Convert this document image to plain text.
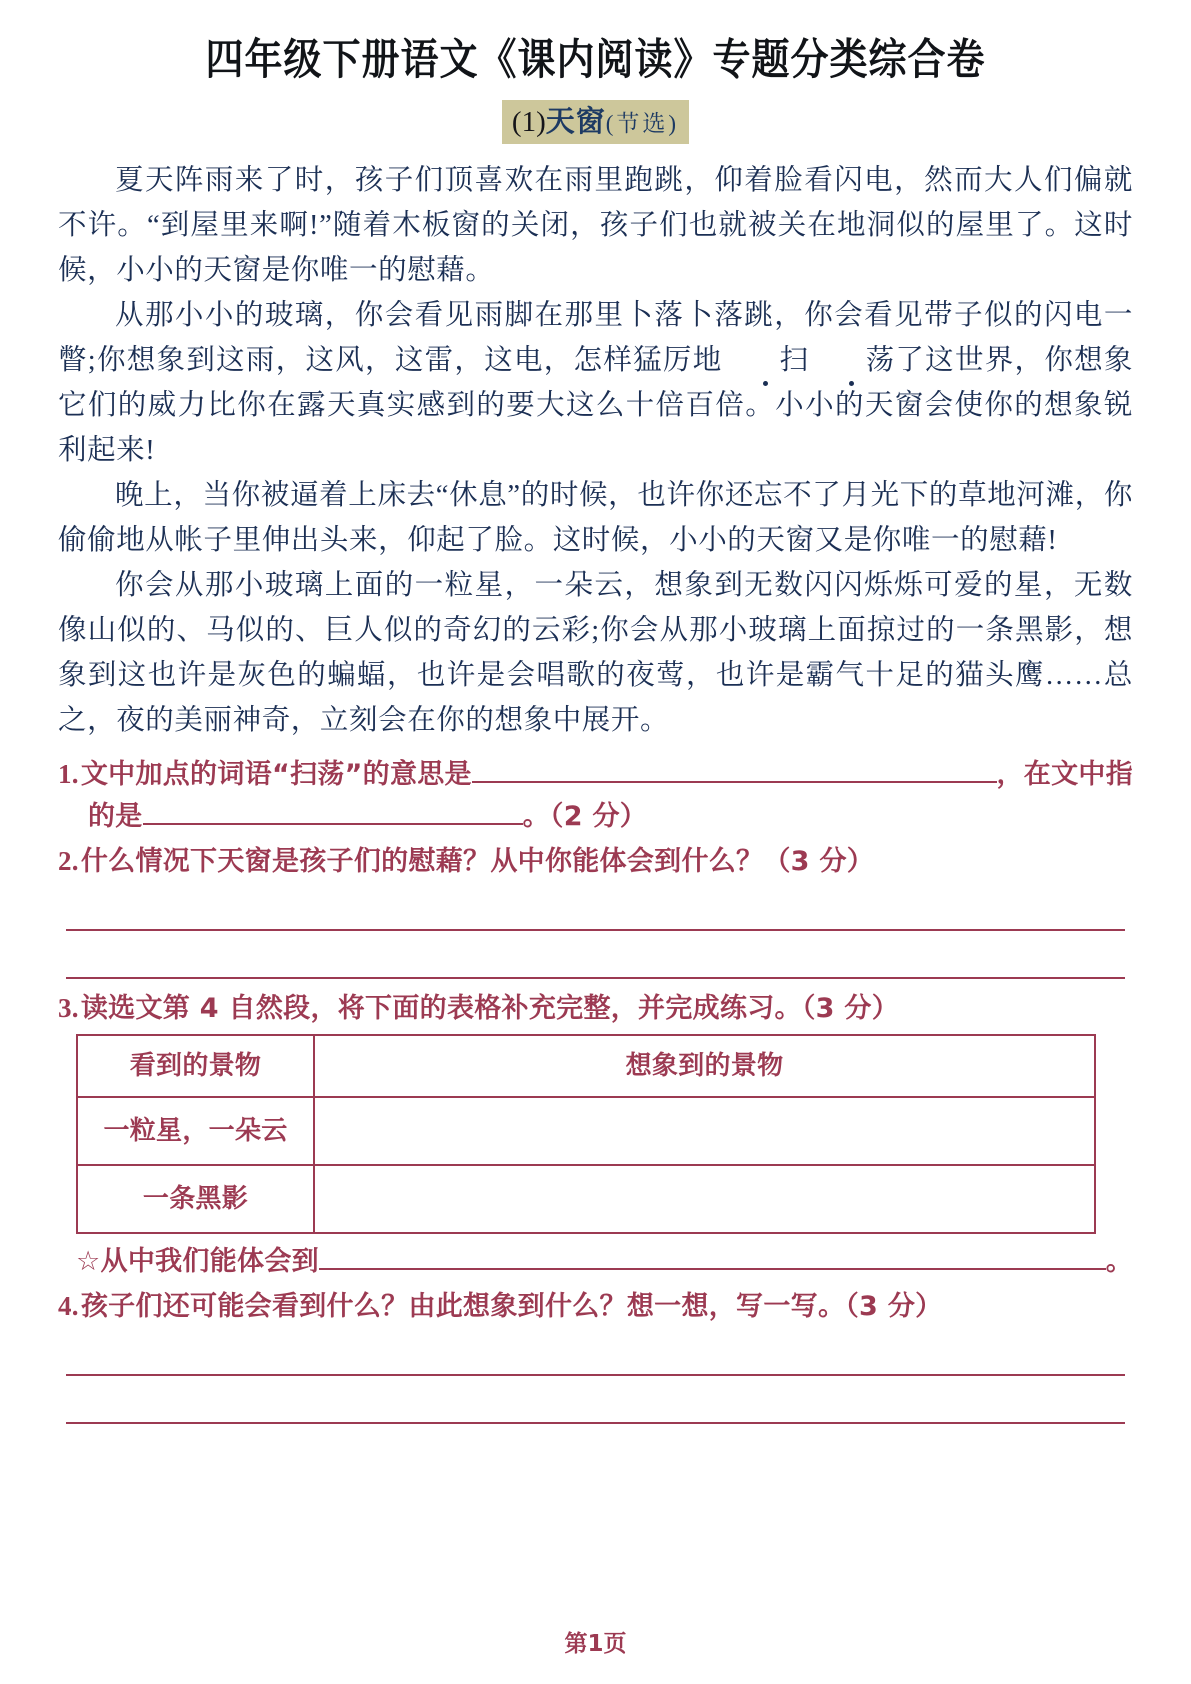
四年级下册语文《课内阅读》专题分类综合卷
(1)天窗(节选)

夏天阵雨来了时，孩子们顶喜欢在雨里跑跳，仰着脸看闪电，然而大人们偏就不许。“到屋里来啊!”随着木板窗的关闭，孩子们也就被关在地洞似的屋里了。这时候，小小的天窗是你唯一的慰藉。

从那小小的玻璃，你会看见雨脚在那里卜落卜落跳，你会看见带子似的闪电一瞥;你想象到这雨，这风，这雷，这电，怎样猛厉地 扫 荡了这世界，你想象它们的威力比你在露天真实感到的要大这么十倍百倍。小小的天窗会使你的想象锐利起来!

晚上，当你被逼着上床去“休息”的时候，也许你还忘不了月光下的草地河滩，你偷偷地从帐子里伸出头来，仰起了脸。这时候，小小的天窗又是你唯一的慰藉!

你会从那小玻璃上面的一粒星，一朵云，想象到无数闪闪烁烁可爱的星，无数像山似的、马似的、巨人似的奇幻的云彩;你会从那小玻璃上面掠过的一条黑影，想象到这也许是灰色的蝙蝠，也许是会唱歌的夜莺，也许是霸气十足的猫头鹰……总之，夜的美丽神奇，立刻会在你的想象中展开。

1. 文中加点的词语“扫荡”的意思是	，在文中指
的是	。（2 分）
2. 什么情况下天窗是孩子们的慰藉？从中你能体会到什么？（3 分）
3. 读选文第 4 自然段，将下面的表格补充完整，并完成练习。（3 分）
看到的景物	想象到的景物
一粒星，一朵云	
一条黑影	
☆ 从中我们能体会到	。
4. 孩子们还可能会看到什么？由此想象到什么？想一想，写一写。（3 分）
第1页
